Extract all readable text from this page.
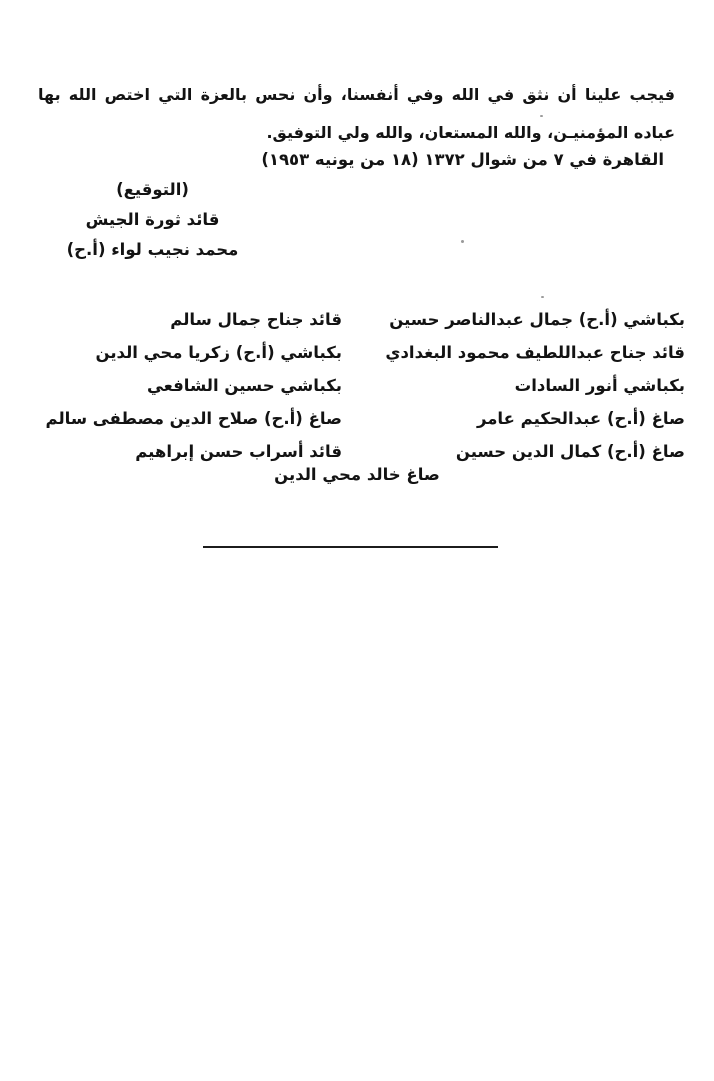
فيجب علينا أن نثق في الله وفي أنفسنا، وأن نحس بالعزة التي اختص الله بها عباده المؤمنيـن، والله المستعان، والله ولي التوفيق.

القاهرة في ٧ من شوال ١٣٧٢ (١٨ من يونيه ١٩٥٣)
(التوقيع)
قائد ثورة الجيش
محمد نجيب لواء (أ.ح)
بكباشي (أ.ح) جمال عبدالناصر حسين
قائد جناح عبداللطيف محمود البغدادي
بكباشي أنور السادات
صاغ (أ.ح) عبدالحكيم عامر
صاغ (أ.ح) كمال الدين حسين
قائد جناح جمال سالم
بكباشي (أ.ح) زكريا محي الدين
بكباشي حسين الشافعي
صاغ (أ.ح) صلاح الدين مصطفى سالم
قائد أسراب حسن إبراهيم
صاغ خالد محي الدين
